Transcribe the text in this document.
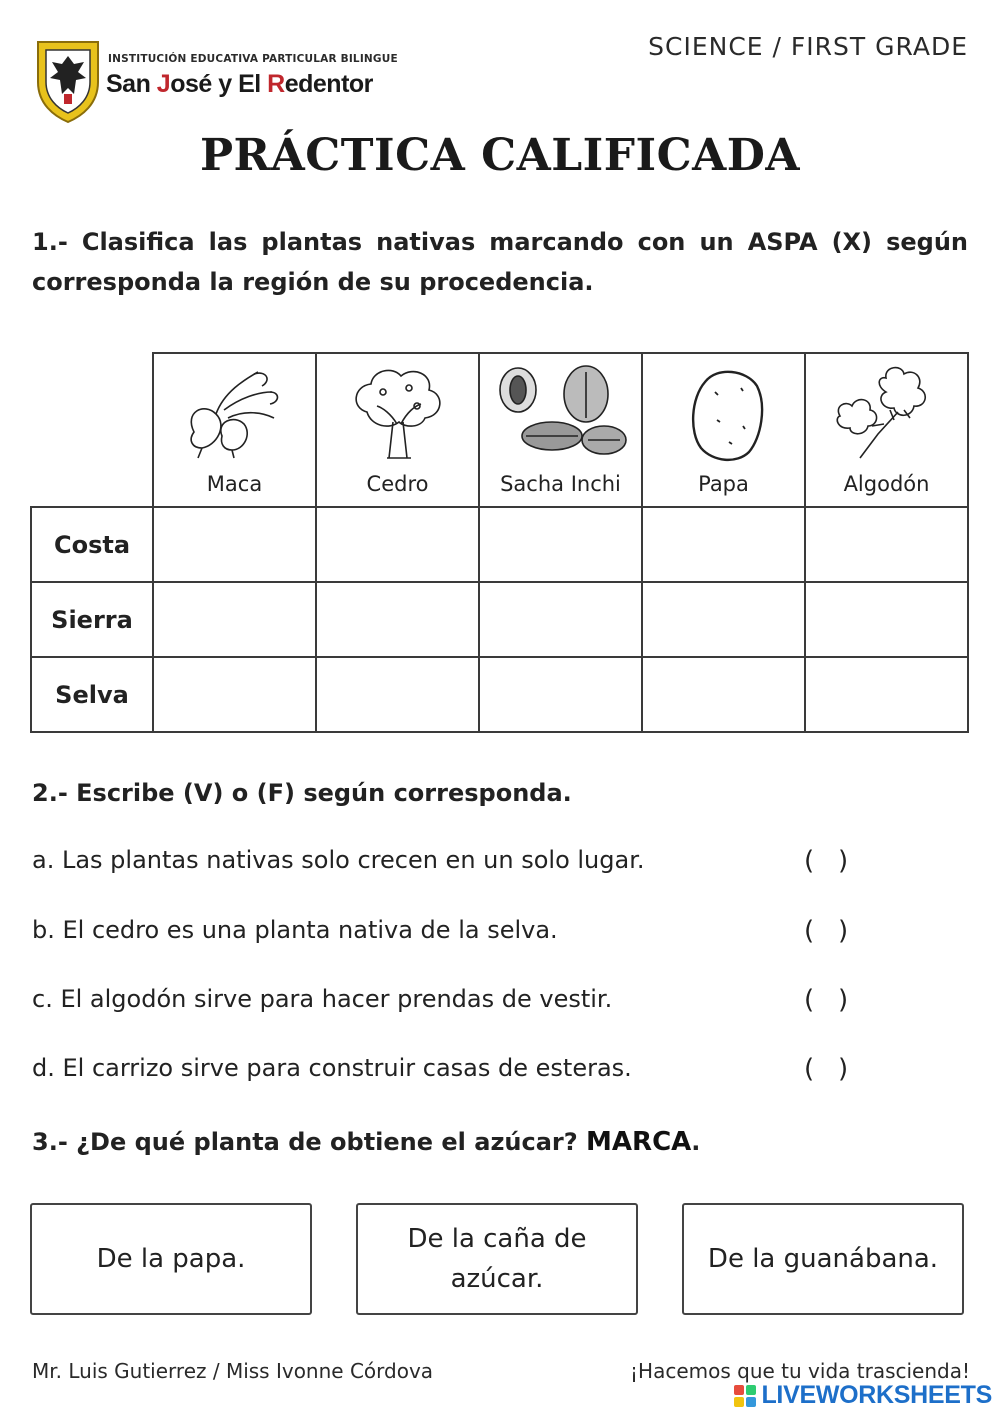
INSTITUCIÓN EDUCATIVA PARTICULAR BILINGUE
San José y El Redentor
SCIENCE / FIRST GRADE
PRÁCTICA CALIFICADA
1.- Clasifica las plantas nativas marcando con un ASPA (X) según corresponda la región de su procedencia.

	Maca	Cedro	Sacha Inchi	Papa	Algodón

Costa					
Sierra					
Selva					
2.- Escribe (V) o (F) según corresponda.
a. Las plantas nativas solo crecen en un solo lugar.	( )
b. El cedro es una planta nativa de la selva.	( )
c. El algodón sirve para hacer prendas de vestir.	( )
d. El carrizo sirve para construir casas de esteras.	( )
3.- ¿De qué planta de obtiene el azúcar? MARCA.
De la papa.
De la caña de azúcar.
De la guanábana.
Mr. Luis Gutierrez / Miss Ivonne Córdova	¡Hacemos que tu vida trascienda!
LIVEWORKSHEETS
